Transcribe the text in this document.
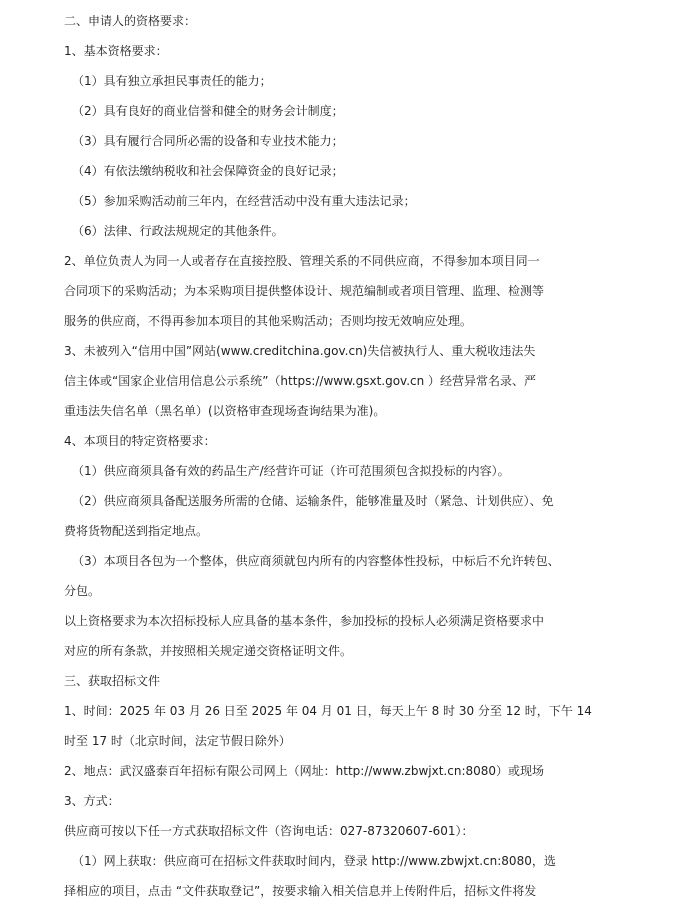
二、申请人的资格要求：
1、基本资格要求：
（1）具有独立承担民事责任的能力；
（2）具有良好的商业信誉和健全的财务会计制度；
（3）具有履行合同所必需的设备和专业技术能力；
（4）有依法缴纳税收和社会保障资金的良好记录；
（5）参加采购活动前三年内，在经营活动中没有重大违法记录；
（6）法律、行政法规规定的其他条件。
2、单位负责人为同一人或者存在直接控股、管理关系的不同供应商，不得参加本项目同一
合同项下的采购活动；为本采购项目提供整体设计、规范编制或者项目管理、监理、检测等
服务的供应商，不得再参加本项目的其他采购活动；否则均按无效响应处理。
3、未被列入“信用中国”网站(www.creditchina.gov.cn)失信被执行人、重大税收违法失
信主体或“国家企业信用信息公示系统”（https://www.gsxt.gov.cn ）经营异常名录、严
重违法失信名单（黑名单）(以资格审查现场查询结果为准)。
4、本项目的特定资格要求：
（1）供应商须具备有效的药品生产/经营许可证（许可范围须包含拟投标的内容）。
（2）供应商须具备配送服务所需的仓储、运输条件，能够准量及时（紧急、计划供应）、免
费将货物配送到指定地点。
（3）本项目各包为一个整体，供应商须就包内所有的内容整体性投标，中标后不允许转包、
分包。
以上资格要求为本次招标投标人应具备的基本条件，参加投标的投标人必须满足资格要求中
对应的所有条款，并按照相关规定递交资格证明文件。
三、获取招标文件
1、时间：2025 年 03 月 26 日至 2025 年 04 月 01 日，每天上午 8 时 30 分至 12 时，下午 14
时至 17 时（北京时间，法定节假日除外）
2、地点：武汉盛泰百年招标有限公司网上（网址：http://www.zbwjxt.cn:8080）或现场
3、方式：
供应商可按以下任一方式获取招标文件（咨询电话：027-87320607-601）：
（1）网上获取：供应商可在招标文件获取时间内，登录 http://www.zbwjxt.cn:8080，选
择相应的项目，点击 “文件获取登记”，按要求输入相关信息并上传附件后，招标文件将发
